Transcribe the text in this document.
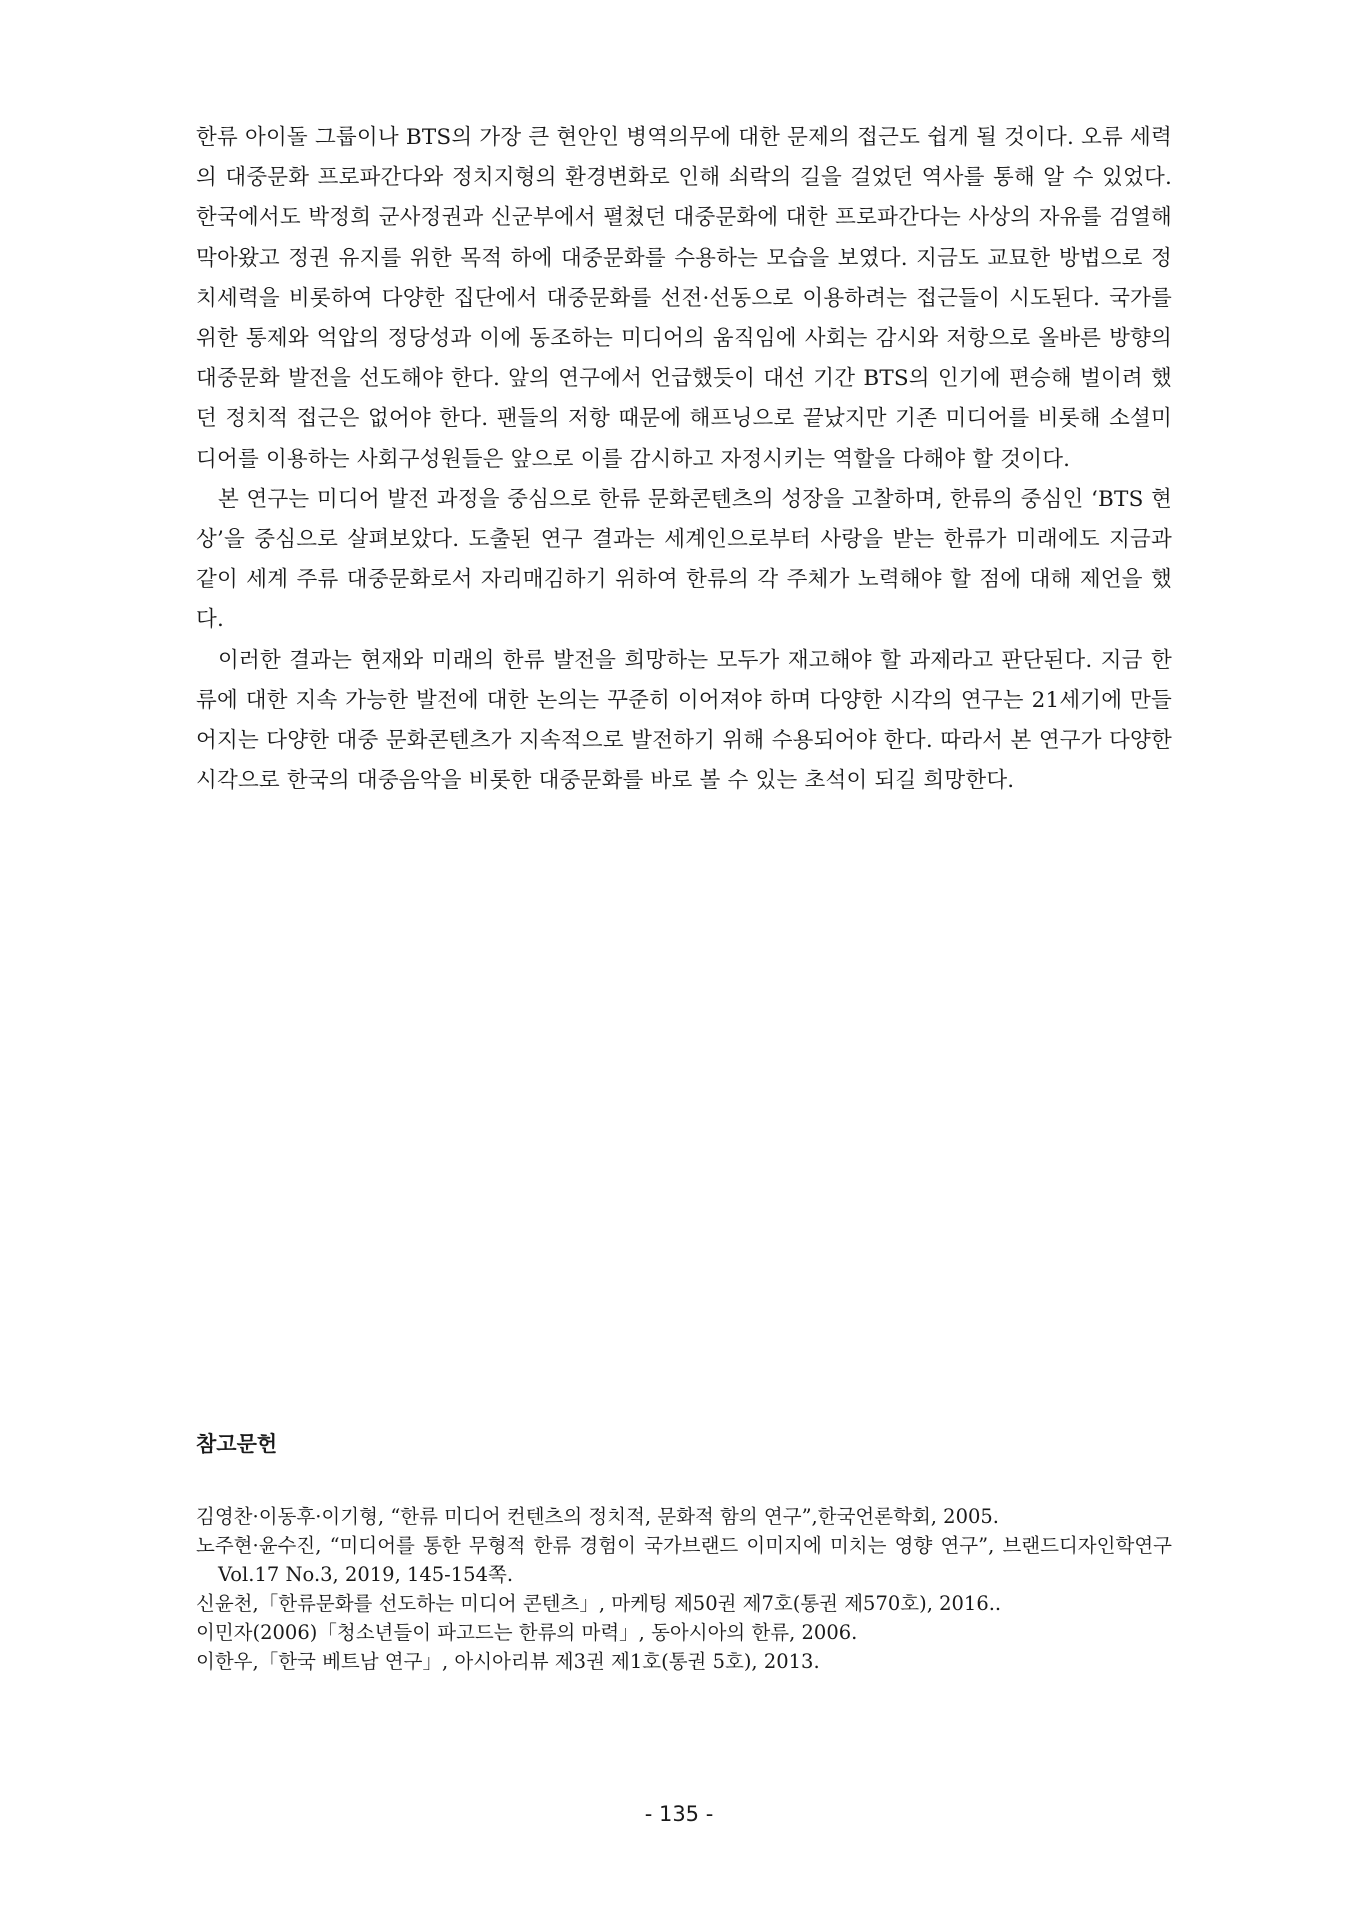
한류 아이돌 그룹이나 BTS의 가장 큰 현안인 병역의무에 대한 문제의 접근도 쉽게 될 것이다. 오류 세력의 대중문화 프로파간다와 정치지형의 환경변화로 인해 쇠락의 길을 걸었던 역사를 통해 알 수 있었다. 한국에서도 박정희 군사정권과 신군부에서 펼쳤던 대중문화에 대한 프로파간다는 사상의 자유를 검열해 막아왔고 정권 유지를 위한 목적 하에 대중문화를 수용하는 모습을 보였다. 지금도 교묘한 방법으로 정치세력을 비롯하여 다양한 집단에서 대중문화를 선전·선동으로 이용하려는 접근들이 시도된다. 국가를 위한 통제와 억압의 정당성과 이에 동조하는 미디어의 움직임에 사회는 감시와 저항으로 올바른 방향의 대중문화 발전을 선도해야 한다. 앞의 연구에서 언급했듯이 대선 기간 BTS의 인기에 편승해 벌이려 했던 정치적 접근은 없어야 한다. 팬들의 저항 때문에 해프닝으로 끝났지만 기존 미디어를 비롯해 소셜미디어를 이용하는 사회구성원들은 앞으로 이를 감시하고 자정시키는 역할을 다해야 할 것이다.

본 연구는 미디어 발전 과정을 중심으로 한류 문화콘텐츠의 성장을 고찰하며, 한류의 중심인 ‘BTS 현상’을 중심으로 살펴보았다. 도출된 연구 결과는 세계인으로부터 사랑을 받는 한류가 미래에도 지금과 같이 세계 주류 대중문화로서 자리매김하기 위하여 한류의 각 주체가 노력해야 할 점에 대해 제언을 했다.

이러한 결과는 현재와 미래의 한류 발전을 희망하는 모두가 재고해야 할 과제라고 판단된다. 지금 한류에 대한 지속 가능한 발전에 대한 논의는 꾸준히 이어져야 하며 다양한 시각의 연구는 21세기에 만들어지는 다양한 대중 문화콘텐츠가 지속적으로 발전하기 위해 수용되어야 한다. 따라서 본 연구가 다양한 시각으로 한국의 대중음악을 비롯한 대중문화를 바로 볼 수 있는 초석이 되길 희망한다.

참고문헌

김영찬·이동후·이기형, “한류 미디어 컨텐츠의 정치적, 문화적 함의 연구”,한국언론학회, 2005.

노주현·윤수진, “미디어를 통한 무형적 한류 경험이 국가브랜드 이미지에 미치는 영향 연구”, 브랜드디자인학연구 Vol.17 No.3, 2019, 145-154쪽.

신윤천,「한류문화를 선도하는 미디어 콘텐츠」, 마케팅 제50권 제7호(통권 제570호), 2016..

이민자(2006)「청소년들이 파고드는 한류의 마력」, 동아시아의 한류, 2006.

이한우,「한국 베트남 연구」, 아시아리뷰 제3권 제1호(통권 5호), 2013.

- 135 -
